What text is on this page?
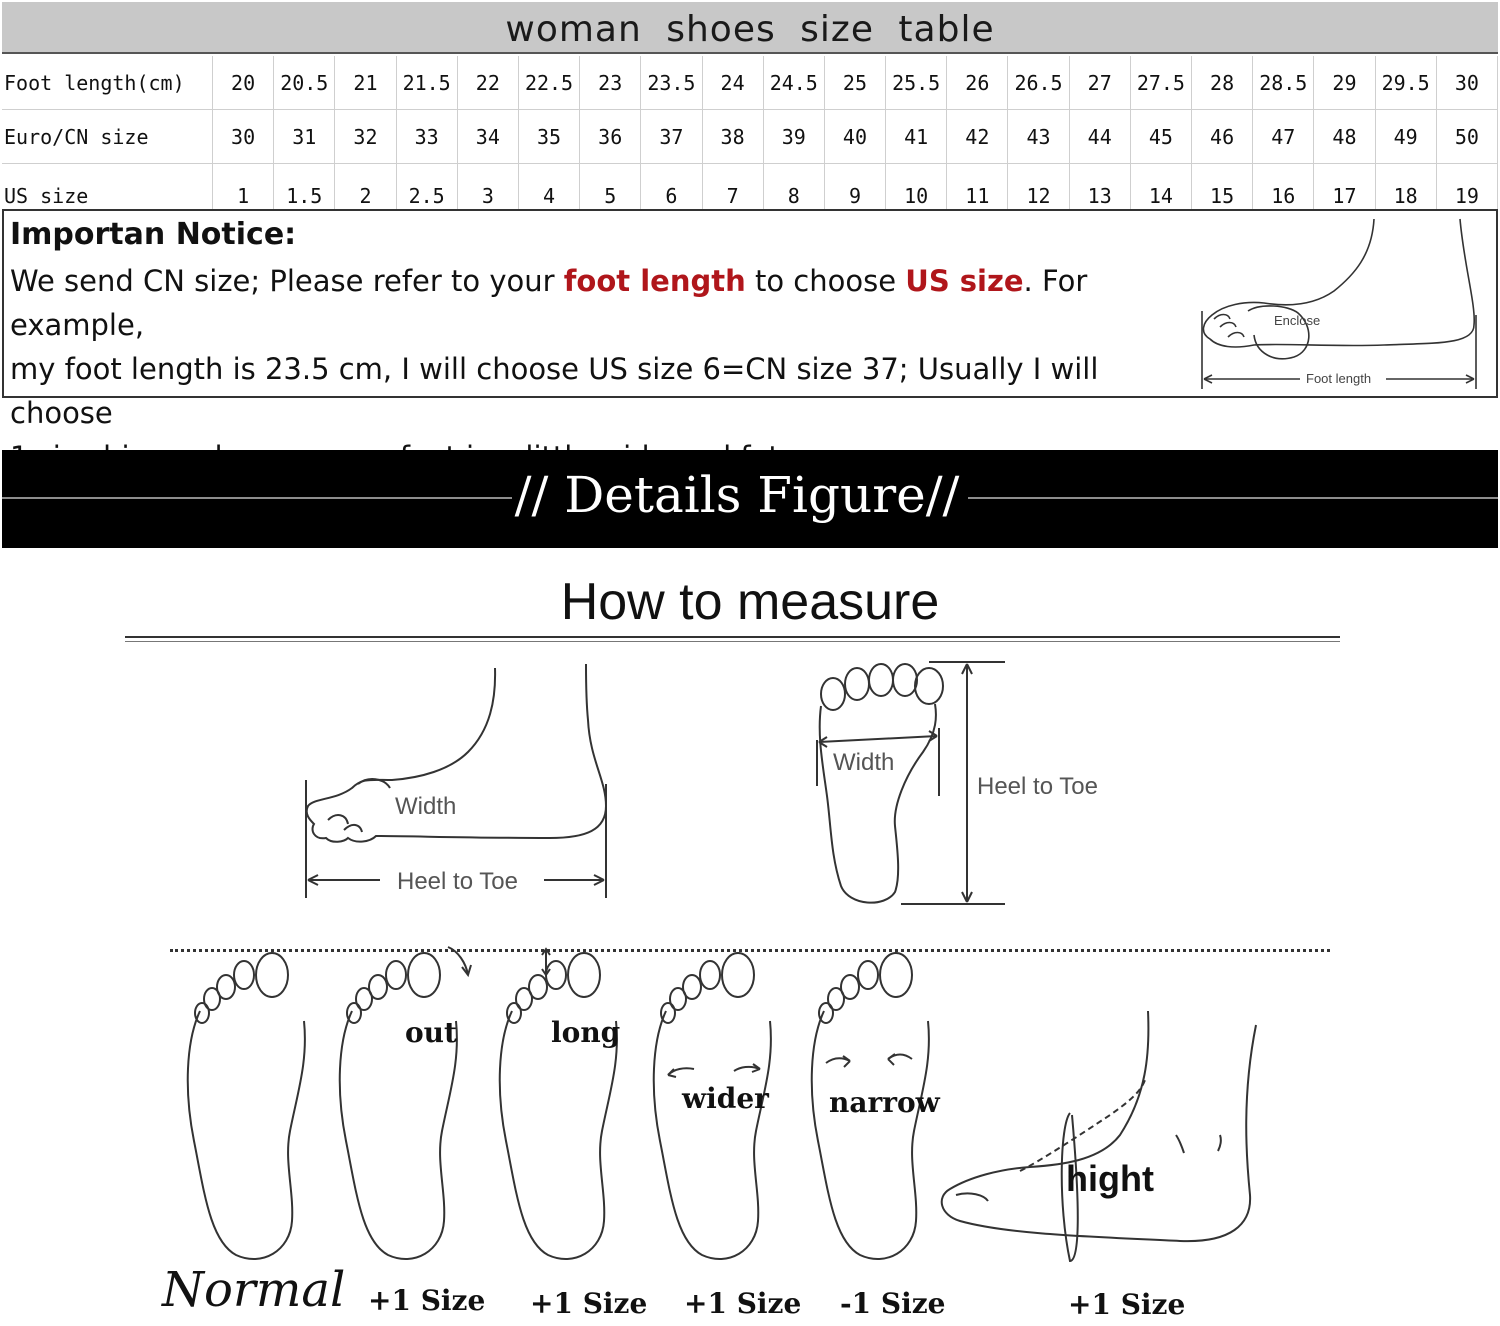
woman shoes size table
Foot length(cm)	20	20.5	21	21.5	22	22.5	23	23.5	24	24.5	25	25.5	26	26.5	27	27.5	28	28.5	29	29.5	30
Euro/CN size	30	31	32	33	34	35	36	37	38	39	40	41	42	43	44	45	46	47	48	49	50
US size	1	1.5	2	2.5	3	4	5	6	7	8	9	10	11	12	13	14	15	16	17	18	19
Importan Notice:
We send CN size; Please refer to your foot length to choose US size. For example,
my foot length is 23.5 cm, I will choose US size 6=CN size 37; Usually I will choose
Enclose
Foot length
// Details Figure//
How to measure
Width
Heel to Toe
Width
Heel to Toe
out	long
wider narrow
hight
Normal +1 Size +1 Size +1 Size -1 Size	+1 Size
